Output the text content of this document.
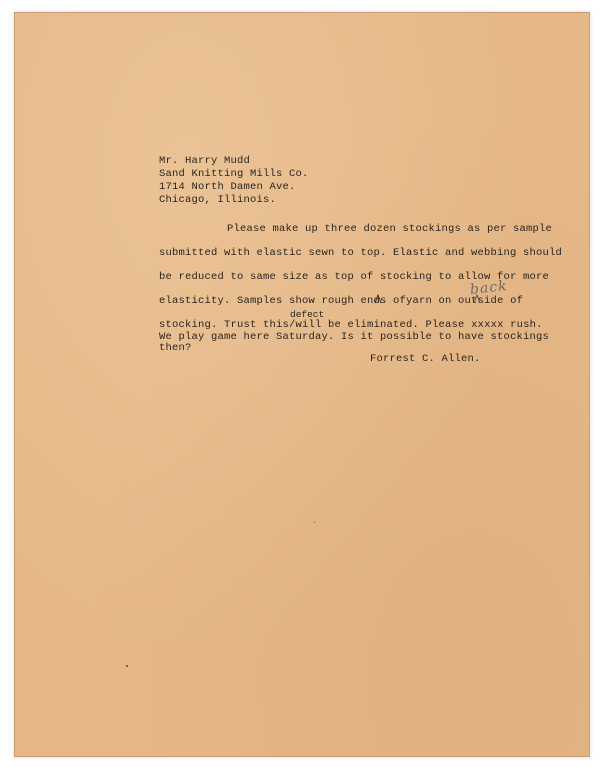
Mr. Harry Mudd
Sand Knitting Mills Co.
1714 North Damen Ave.
Chicago, Illinois.
Please make up three dozen stockings as per sample
submitted with elastic sewn to top. Elastic and webbing should
be reduced to same size as top of stocking to allow for more
back
elasticity. Samples show rough ends ofyarn on outside of
defect
stocking. Trust this/will be eliminated. Please xxxxx rush.
We play game here Saturday. Is it possible to have stockings
then?
Forrest C. Allen.
